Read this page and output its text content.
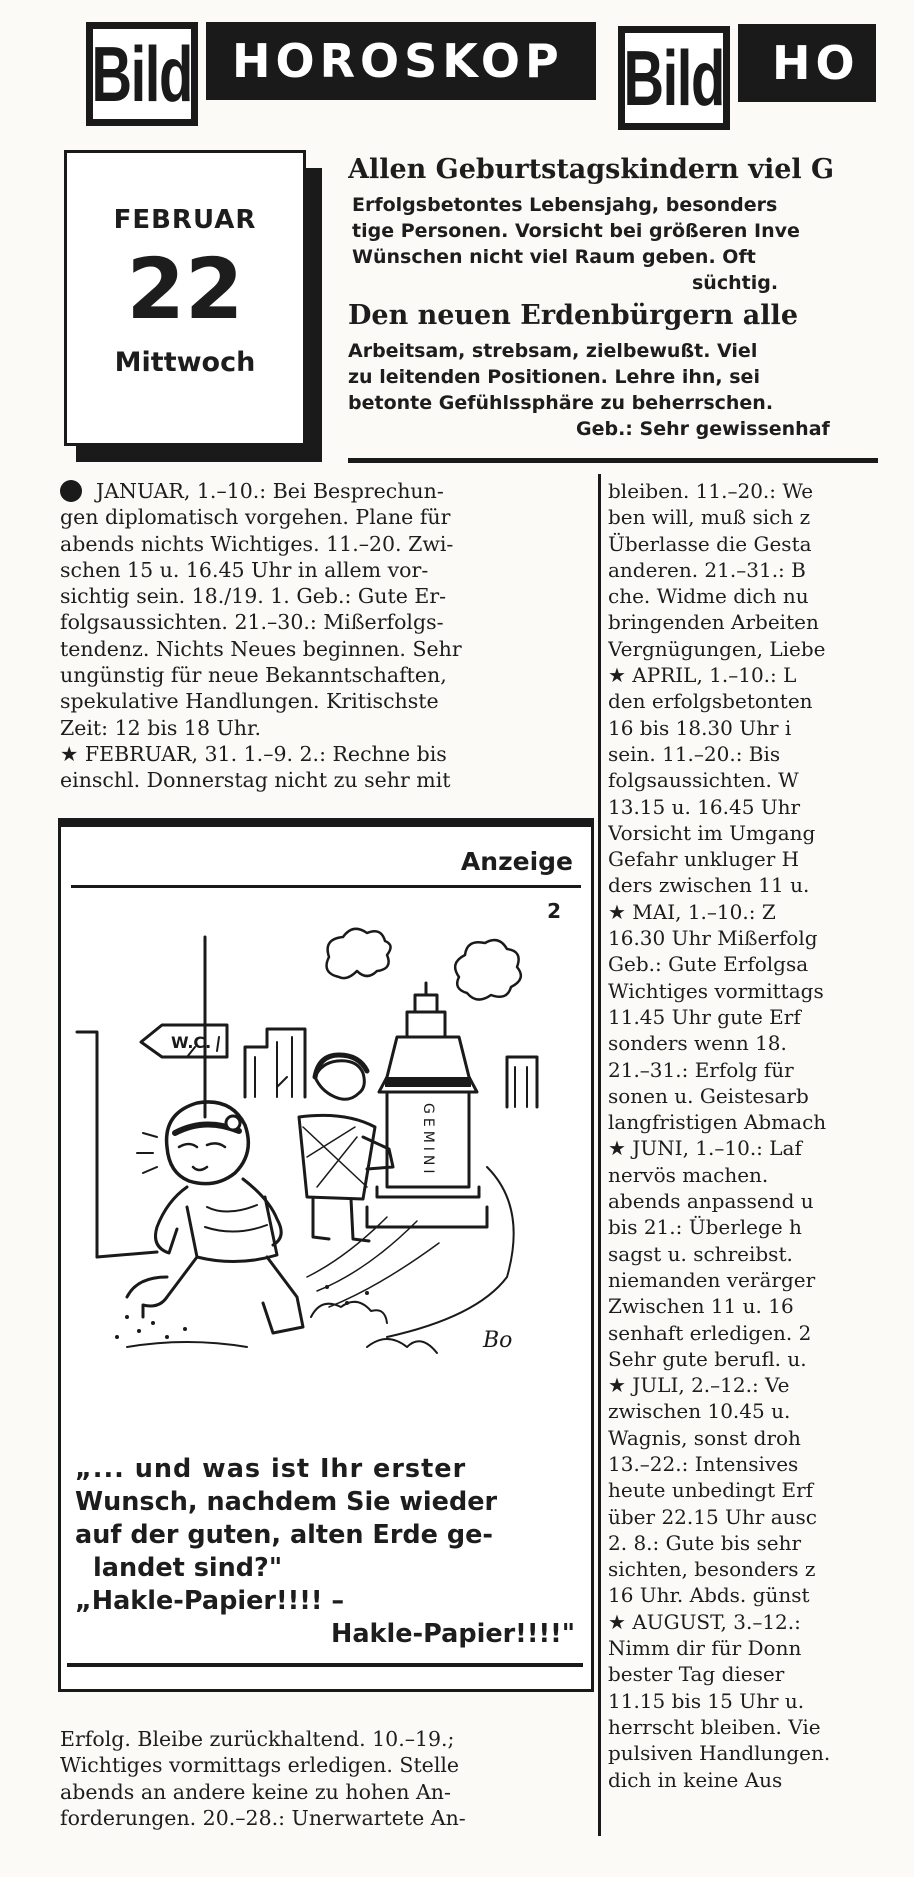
Bild HOROSKOP Bild HO
FEBRUAR
22
Mittwoch
Allen Geburtstagskindern viel G
Erfolgsbetontes Lebensjahg, besonders
tige Personen. Vorsicht bei größeren Inve
Wünschen nicht viel Raum geben. Oft
süchtig.
Den neuen Erdenbürgern alle
Arbeitsam, strebsam, zielbewußt. Viel
zu leitenden Positionen. Lehre ihn, sei
betonte Gefühlssphäre zu beherrschen.
Geb.: Sehr gewissenhaf
JANUAR, 1.–10.: Bei Besprechun-
gen diplomatisch vorgehen. Plane für
abends nichts Wichtiges. 11.–20. Zwi-
schen 15 u. 16.45 Uhr in allem vor-
sichtig sein. 18./19. 1. Geb.: Gute Er-
folgsaussichten. 21.–30.: Mißerfolgs-
tendenz. Nichts Neues beginnen. Sehr
ungünstig für neue Bekanntschaften,
spekulative Handlungen. Kritischste
Zeit: 12 bis 18 Uhr.
★ FEBRUAR, 31. 1.–9. 2.: Rechne bis
einschl. Donnerstag nicht zu sehr mit
Anzeige
2
W.C.
GEMINI
Bo
„... und was ist Ihr erster
Wunsch, nachdem Sie wieder
auf der guten, alten Erde ge-
landet sind?"
„Hakle-Papier!!!! –
Hakle-Papier!!!!"
Erfolg. Bleibe zurückhaltend. 10.–19.;
Wichtiges vormittags erledigen. Stelle
abends an andere keine zu hohen An-
forderungen. 20.–28.: Unerwartete An-
bleiben. 11.–20.: We
ben will, muß sich z
Überlasse die Gesta
anderen. 21.–31.: B
che. Widme dich nu
bringenden Arbeiten
Vergnügungen, Liebe
★ APRIL, 1.–10.: L
den erfolgsbetonten
16 bis 18.30 Uhr i
sein. 11.–20.: Bis
folgsaussichten. W
13.15 u. 16.45 Uhr
Vorsicht im Umgang
Gefahr unkluger H
ders zwischen 11 u.
★ MAI, 1.–10.: Z
16.30 Uhr Mißerfolg
Geb.: Gute Erfolgsa
Wichtiges vormittags
11.45 Uhr gute Erf
sonders wenn 18.
21.–31.: Erfolg für
sonen u. Geistesarb
langfristigen Abmach
★ JUNI, 1.–10.: Laf
nervös machen.
abends anpassend u
bis 21.: Überlege h
sagst u. schreibst.
niemanden verärger
Zwischen 11 u. 16
senhaft erledigen. 2
Sehr gute berufl. u.
★ JULI, 2.–12.: Ve
zwischen 10.45 u.
Wagnis, sonst droh
13.–22.: Intensives
heute unbedingt Erf
über 22.15 Uhr ausc
2. 8.: Gute bis sehr
sichten, besonders z
16 Uhr. Abds. günst
★ AUGUST, 3.–12.:
Nimm dir für Donn
bester Tag dieser
11.15 bis 15 Uhr u.
herrscht bleiben. Vie
pulsiven Handlungen.
dich in keine Aus
